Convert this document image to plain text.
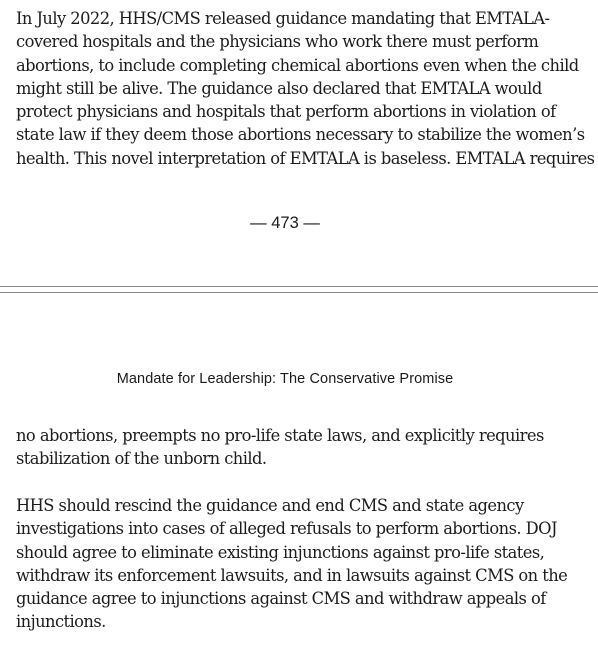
In July 2022, HHS/CMS released guidance mandating that EMTALA-
covered hospitals and the physicians who work there must perform
abortions, to include completing chemical abortions even when the child
might still be alive. The guidance also declared that EMTALA would
protect physicians and hospitals that perform abortions in violation of
state law if they deem those abortions necessary to stabilize the women’s
health. This novel interpretation of EMTALA is baseless. EMTALA requires

— 473 —
Mandate for Leadership: The Conservative Promise

no abortions, preempts no pro-life state laws, and explicitly requires
stabilization of the unborn child.

HHS should rescind the guidance and end CMS and state agency
investigations into cases of alleged refusals to perform abortions. DOJ
should agree to eliminate existing injunctions against pro-life states,
withdraw its enforcement lawsuits, and in lawsuits against CMS on the
guidance agree to injunctions against CMS and withdraw appeals of
injunctions.
